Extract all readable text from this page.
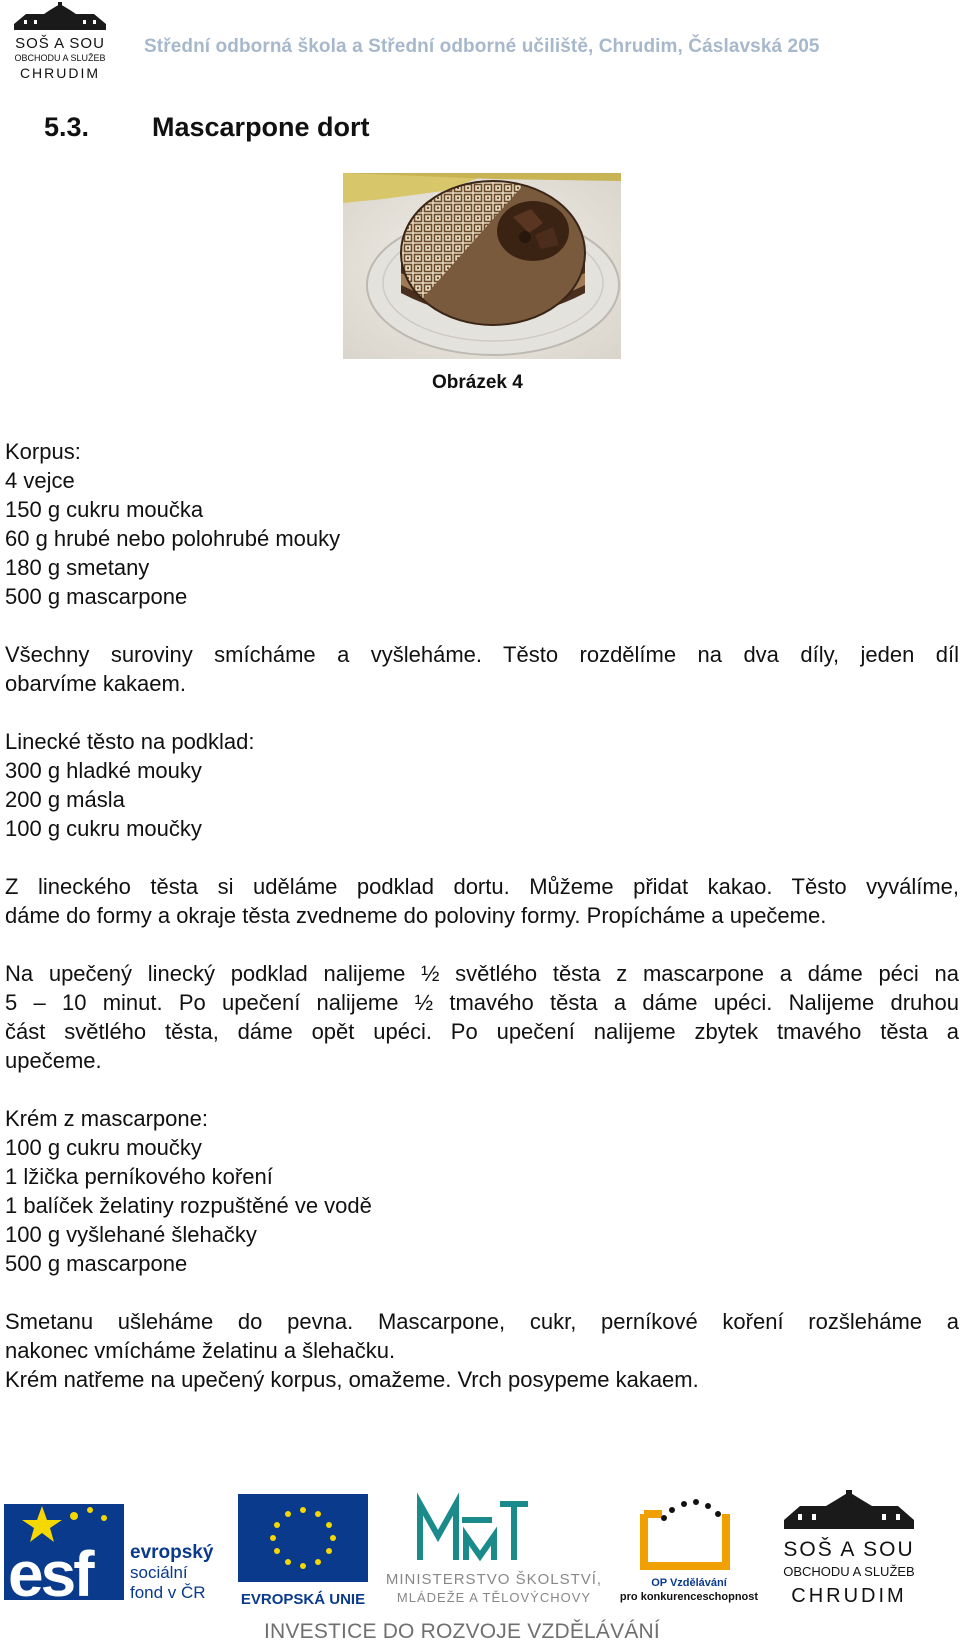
SOŠ A SOU
OBCHODU A SLUŽEB
CHRUDIM
Střední odborná škola a Střední odborné učiliště, Chrudim, Čáslavská 205
5.3. Mascarpone dort
Obrázek 4
Korpus:
4 vejce
150 g cukru moučka
60 g hrubé nebo polohrubé mouky
180 g smetany
500 g mascarpone
Všechny suroviny smícháme a vyšleháme. Těsto rozdělíme na dva díly, jeden díl
obarvíme kakaem.
Linecké těsto na podklad:
300 g hladké mouky
200 g másla
100 g cukru moučky
Z lineckého těsta si uděláme podklad dortu. Můžeme přidat kakao. Těsto vyválíme,
dáme do formy a okraje těsta zvedneme do poloviny formy. Propícháme a upečeme.
Na upečený linecký podklad nalijeme ½ světlého těsta z mascarpone a dáme péci na
5 – 10 minut. Po upečení nalijeme ½ tmavého těsta a dáme upéci. Nalijeme druhou
část světlého těsta, dáme opět upéci. Po upečení nalijeme zbytek tmavého těsta a
upečeme.
Krém z mascarpone:
100 g cukru moučky
1 lžička perníkového koření
1 balíček želatiny rozpuštěné ve vodě
100 g vyšlehané šlehačky
500 g mascarpone
Smetanu ušleháme do pevna. Mascarpone, cukr, perníkové koření rozšleháme a
nakonec vmícháme želatinu a šlehačku.
Krém natřeme na upečený korpus, omažeme. Vrch posypeme kakaem.
esf evropský
sociální
fond v ČR EVROPSKÁ UNIE
MINISTERSTVO ŠKOLSTVÍ,
MLÁDEŽE A TĚLOVÝCHOVY
OP Vzdělávání
pro konkurenceschopnost
SOŠ A SOU
OBCHODU A SLUŽEB
CHRUDIM
INVESTICE DO ROZVOJE VZDĚLÁVÁNÍ
